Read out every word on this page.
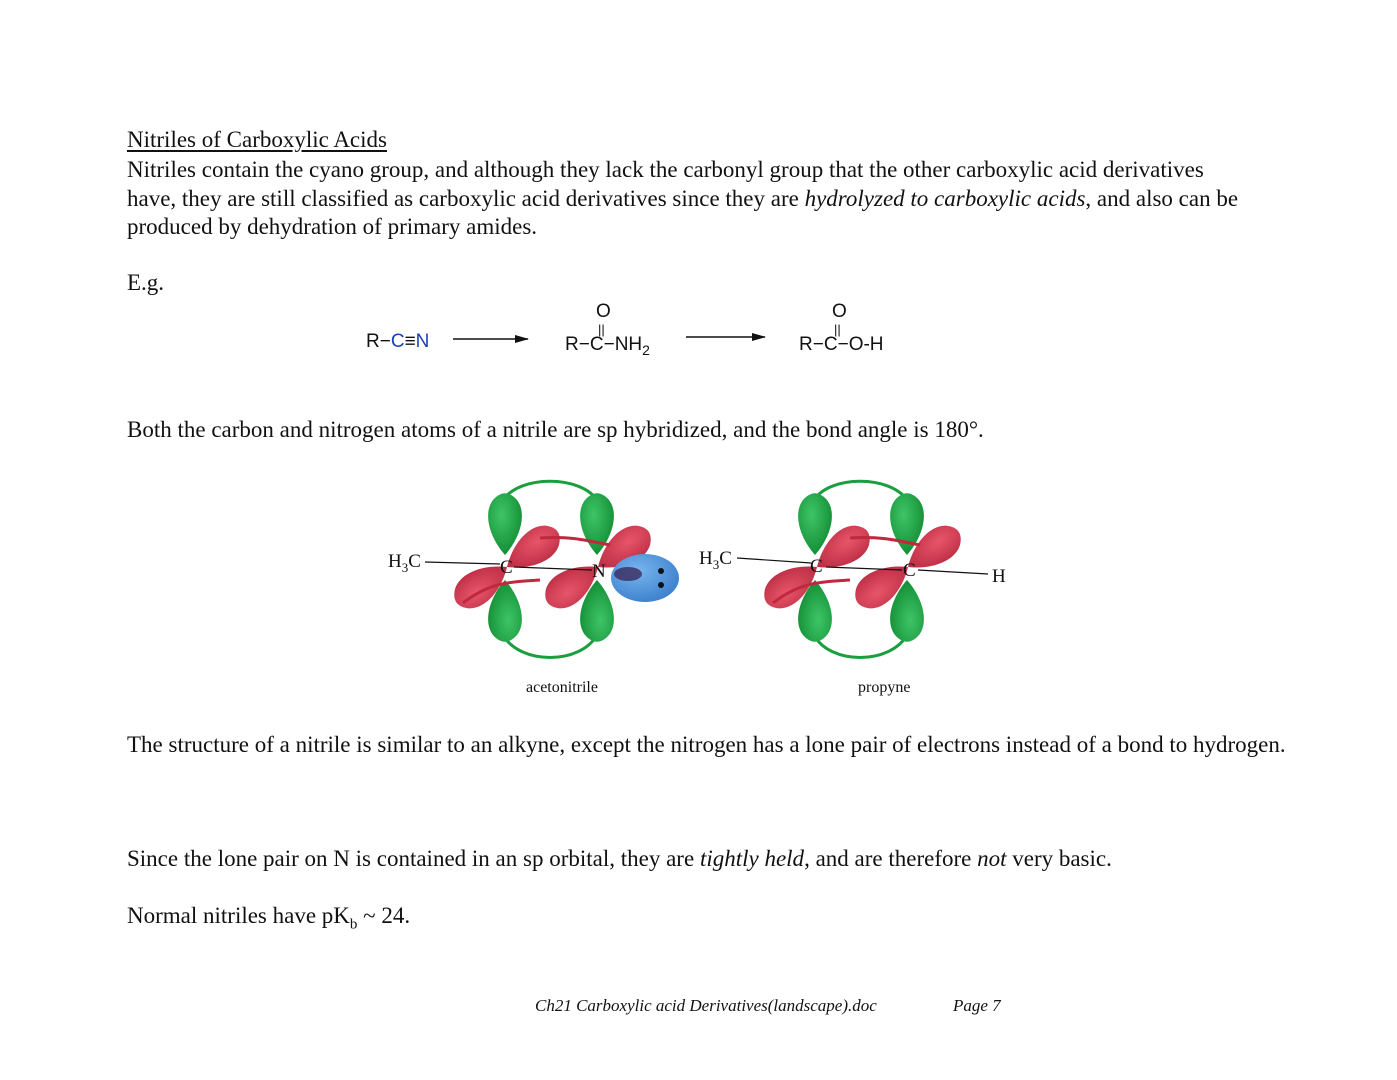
Nitriles of Carboxylic Acids

Nitriles contain the cyano group, and although they lack the carbonyl group that the other carboxylic acid derivatives have, they are still classified as carboxylic acid derivatives since they are hydrolyzed to carboxylic acids, and also can be produced by dehydration of primary amides.

E.g.
R−C≡N
O
||
$R-C-NH_2$
O
||
R−C−O-H

Both the carbon and nitrogen atoms of a nitrile are sp hybridized, and the bond angle is 180°.

$H_3C$	C	N
acetonitrile
$H_3C$	C	C	H
propyne

The structure of a nitrile is similar to an alkyne, except the nitrogen has a lone pair of electrons instead of a bond to hydrogen.

Since the lone pair on N is contained in an sp orbital, they are tightly held, and are therefore not very basic.

Normal nitriles have $pK_b$ ~ 24.

Ch21 Carboxylic acid Derivatives(landscape).doc	Page 7
